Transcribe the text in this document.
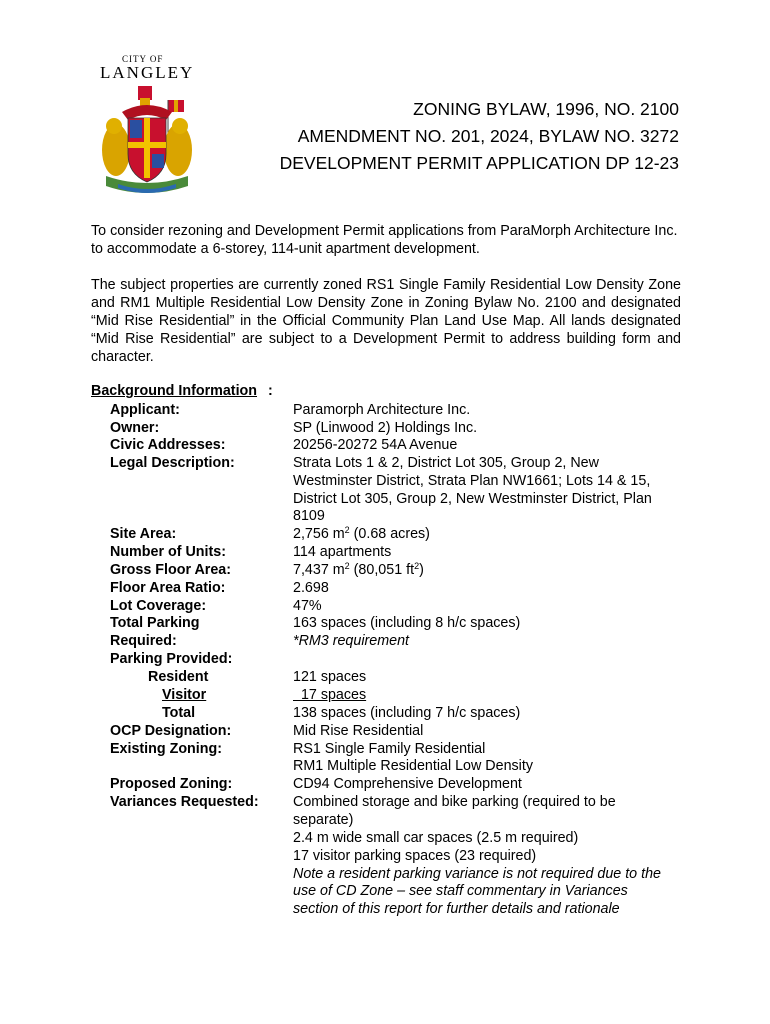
CITY OF
LANGLEY
ZONING BYLAW, 1996, NO. 2100
AMENDMENT NO. 201, 2024, BYLAW NO. 3272
DEVELOPMENT PERMIT APPLICATION DP 12-23
To consider rezoning and Development Permit applications from ParaMorph Architecture Inc. to accommodate a 6-storey, 114-unit apartment development.
The subject properties are currently zoned RS1 Single Family Residential Low Density Zone and RM1 Multiple Residential Low Density Zone in Zoning Bylaw No. 2100 and designated “Mid Rise Residential” in the Official Community Plan Land Use Map. All lands designated “Mid Rise Residential” are subject to a Development Permit to address building form and character.
Background Information :
Applicant:
Owner:
Civic Addresses:
Legal Description:
Site Area:
Number of Units:
Gross Floor Area:
Floor Area Ratio:
Lot Coverage:
Total Parking
Required:
Parking Provided:
Resident
Visitor
Total
OCP Designation:
Existing Zoning:
Proposed Zoning:
Variances Requested:
Paramorph Architecture Inc.
SP (Linwood 2) Holdings Inc.
20256-20272 54A Avenue
Strata Lots 1 & 2, District Lot 305, Group 2, New
Westminster District, Strata Plan NW1661; Lots 14 & 15,
District Lot 305, Group 2, New Westminster District, Plan
8109
2,756 $m^2$ (0.68 acres)
114 apartments
7,437 $m^2$ (80,051 $ft^2$)
2.698
47%
163 spaces (including 8 h/c spaces)
*RM3 requirement
121 spaces
17 spaces
138 spaces (including 7 h/c spaces)
Mid Rise Residential
RS1 Single Family Residential
RM1 Multiple Residential Low Density
CD94 Comprehensive Development
Combined storage and bike parking (required to be
separate)
2.4 m wide small car spaces (2.5 m required)
17 visitor parking spaces (23 required)
Note a resident parking variance is not required due to the
use of CD Zone – see staff commentary in Variances
section of this report for further details and rationale
